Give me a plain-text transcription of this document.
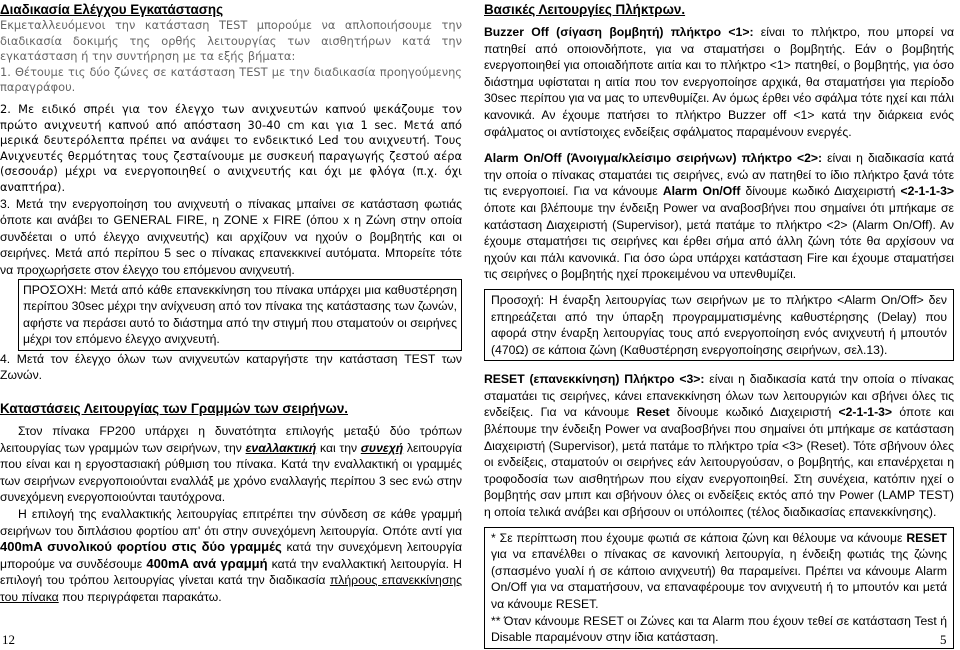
Διαδικασία Ελέγχου Εγκατάστασης

Εκμεταλλευόμενοι την κατάσταση TEST μπορούμε να απλοποιήσουμε την διαδικασία δοκιμής της ορθής λειτουργίας των αισθητήρων κατά την εγκατάσταση ή την συντήρηση με τα εξής βήματα:

1. Θέτουμε τις δύο ζώνες σε κατάσταση TEST με την διαδικασία προηγούμενης παραγράφου.

2. Με ειδικό σπρέι για τον έλεγχο των ανιχνευτών καπνού ψεκάζουμε τον πρώτο ανιχνευτή καπνού από απόσταση 30-40 cm και για 1 sec. Μετά από μερικά δευτερόλεπτα πρέπει να ανάψει το ενδεικτικό Led του ανιχνευτή. Τους Ανιχνευτές θερμότητας τους ζεσταίνουμε με συσκευή παραγωγής ζεστού αέρα (σεσουάρ) μέχρι να ενεργοποιηθεί ο ανιχνευτής και όχι με φλόγα (π.χ. όχι αναπτήρα).

3. Μετά την ενεργοποίηση του ανιχνευτή ο πίνακας μπαίνει σε κατάσταση φωτιάς όποτε και ανάβει το GENERAL FIRE, η ZONE x FIRE (όπου x η Ζώνη στην οποία συνδέεται ο υπό έλεγχο ανιχνευτής) και αρχίζουν να ηχούν ο βομβητής και οι σειρήνες. Μετά από περίπου 5 sec ο πίνακας επανεκκινεί αυτόματα. Μπορείτε τότε να προχωρήσετε στον έλεγχο του επόμενου ανιχνευτή.

ΠΡΟΣΟΧΗ: Μετά από κάθε επανεκκίνηση του πίνακα υπάρχει μια καθυστέρηση περίπου 30sec μέχρι την ανίχνευση από τον πίνακα της κατάστασης των ζωνών, αφήστε να περάσει αυτό το διάστημα από την στιγμή που σταματούν οι σειρήνες μέχρι τον επόμενο έλεγχο ανιχνευτή.

4. Μετά τον έλεγχο όλων των ανιχνευτών καταργήστε την κατάσταση TEST των Ζωνών.

Καταστάσεις Λειτουργίας των Γραμμών των σειρήνων.

Στον πίνακα FP200 υπάρχει η δυνατότητα επιλογής μεταξύ δύο τρόπων λειτουργίας των γραμμών των σειρήνων, την εναλλακτική και την συνεχή λειτουργία που είναι και η εργοστασιακή ρύθμιση του πίνακα. Κατά την εναλλακτική οι γραμμές των σειρήνων ενεργοποιούνται εναλλάξ με χρόνο εναλλαγής περίπου 3 sec ενώ στην συνεχόμενη ενεργοποιούνται ταυτόχρονα.

Η επιλογή της εναλλακτικής λειτουργίας επιτρέπει την σύνδεση σε κάθε γραμμή σειρήνων του διπλάσιου φορτίου απ' ότι στην συνεχόμενη λειτουργία. Οπότε αντί για 400mA συνολικού φορτίου στις δύο γραμμές κατά την συνεχόμενη λειτουργία μπορούμε να συνδέσουμε 400mA ανά γραμμή κατά την εναλλακτική λειτουργία. Η επιλογή του τρόπου λειτουργίας γίνεται κατά την διαδικασία πλήρους επανεκκίνησης του πίνακα που περιγράφεται παρακάτω.

12

Βασικές Λειτουργίες Πλήκτρων.

Buzzer Off (σίγαση βομβητή) πλήκτρο <1>: είναι το πλήκτρο, που μπορεί να πατηθεί από οποιονδήποτε, για να σταματήσει ο βομβητής. Εάν ο βομβητής ενεργοποιηθεί για οποιαδήποτε αιτία και το πλήκτρο <1> πατηθεί, ο βομβητής, για όσο διάστημα υφίσταται η αιτία που τον ενεργοποίησε αρχικά, θα σταματήσει για περίοδο 30sec περίπου για να μας το υπενθυμίζει. Αν όμως έρθει νέο σφάλμα τότε ηχεί και πάλι κανονικά. Αν έχουμε πατήσει το πλήκτρο Buzzer off <1> κατά την διάρκεια ενός σφάλματος οι αντίστοιχες ενδείξεις σφάλματος παραμένουν ενεργές.

Alarm On/Off (Άνοιγμα/κλείσιμο σειρήνων) πλήκτρο <2>: είναι η διαδικασία κατά την οποία ο πίνακας σταματάει τις σειρήνες, ενώ αν πατηθεί το ίδιο πλήκτρο ξανά τότε τις ενεργοποιεί. Για να κάνουμε Alarm On/Off δίνουμε κωδικό Διαχειριστή <2-1-1-3> όποτε και βλέπουμε την ένδειξη Power να αναβοσβήνει που σημαίνει ότι μπήκαμε σε κατάσταση Διαχειριστή (Supervisor), μετά πατάμε το πλήκτρο <2> (Alarm On/Off). Αν έχουμε σταματήσει τις σειρήνες και έρθει σήμα από άλλη ζώνη τότε θα αρχίσουν να ηχούν και πάλι κανονικά. Για όσο ώρα υπάρχει κατάσταση Fire και έχουμε σταματήσει τις σειρήνες ο βομβητής ηχεί προκειμένου να υπενθυμίζει.

Προσοχή: Η έναρξη λειτουργίας των σειρήνων με το πλήκτρο <Alarm On/Off> δεν επηρεάζεται από την ύπαρξη προγραμματισμένης καθυστέρησης (Delay) που αφορά στην έναρξη λειτουργίας τους από ενεργοποίηση ενός ανιχνευτή ή μπουτόν (470Ω) σε κάποια ζώνη (Καθυστέρηση ενεργοποίησης σειρήνων, σελ.13).

RESET (επανεκκίνηση) Πλήκτρο <3>: είναι η διαδικασία κατά την οποία ο πίνακας σταματάει τις σειρήνες, κάνει επανεκκίνηση όλων των λειτουργιών και σβήνει όλες τις ενδείξεις. Για να κάνουμε Reset δίνουμε κωδικό Διαχειριστή <2-1-1-3> όποτε και βλέπουμε την ένδειξη Power να αναβοσβήνει που σημαίνει ότι μπήκαμε σε κατάσταση Διαχειριστή (Supervisor), μετά πατάμε το πλήκτρο τρία <3> (Reset). Τότε σβήνουν όλες οι ενδείξεις, σταματούν οι σειρήνες εάν λειτουργούσαν, ο βομβητής, και επανέρχεται η τροφοδοσία των αισθητήρων που είχαν ενεργοποιηθεί. Στη συνέχεια, κατόπιν ηχεί ο βομβητής σαν μπιπ και σβήνουν όλες οι ενδείξεις εκτός από την Power (LAMP TEST) η οποία τελικά ανάβει και σβήσουν οι υπόλοιπες (τέλος διαδικασίας επανεκκίνησης).

* Σε περίπτωση που έχουμε φωτιά σε κάποια ζώνη και θέλουμε να κάνουμε RESET για να επανέλθει ο πίνακας σε κανονική λειτουργία, η ένδειξη φωτιάς της ζώνης (σπασμένο γυαλί ή σε κάποιο ανιχνευτή) θα παραμείνει. Πρέπει να κάνουμε Alarm On/Off για να σταματήσουν, να επαναφέρουμε τον ανιχνευτή ή το μπουτόν και μετά να κάνουμε RESET.
** Όταν κάνουμε RESET οι Ζώνες και τα Alarm που έχουν τεθεί σε κατάσταση Test ή Disable παραμένουν στην ίδια κατάσταση.	5
